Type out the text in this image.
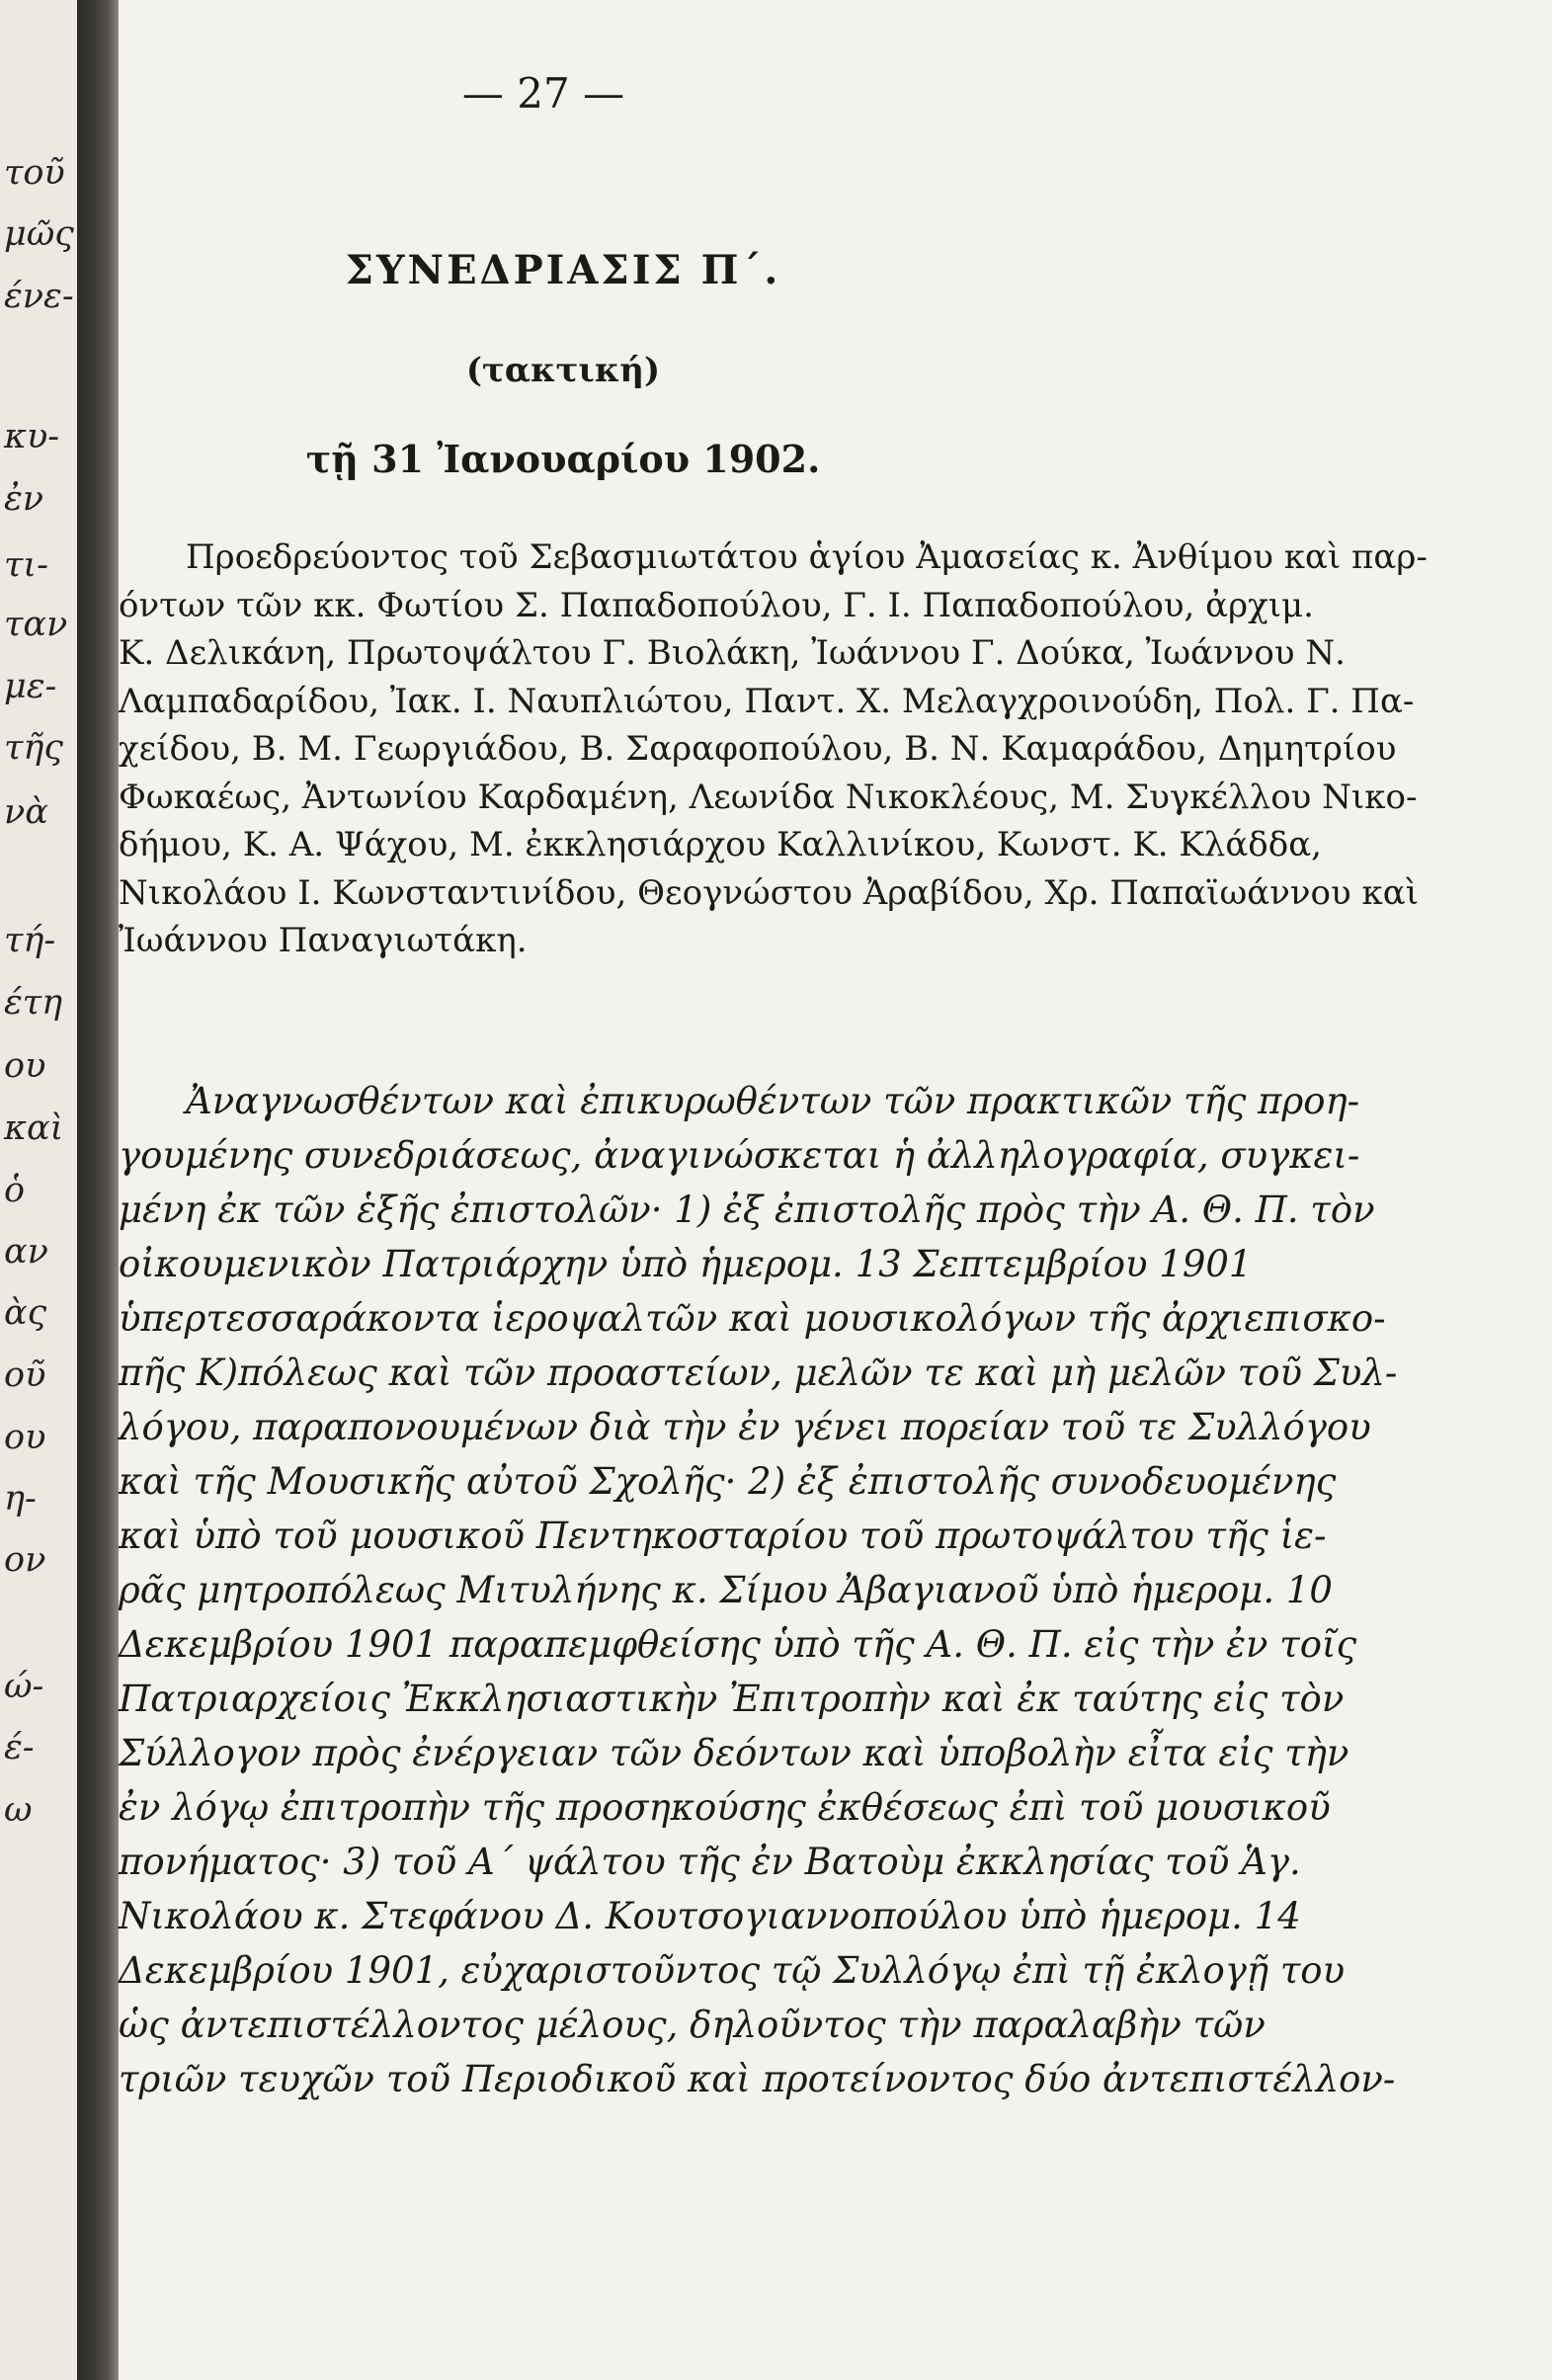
τοῦ
μῶς
ένε-
κυ-
ἐν
τι-
ταν
με-
τῆς
νὰ
τή-
έτη
ου
καὶ
ὁ
αν
ὰς
οῦ
ου
η-
ον
ώ-
έ-
ω
— 27 —
ΣΥΝΕΔΡΙΑΣΙΣ Π΄.
(τακτική)
τῇ 31 Ἰανουαρίου 1902.
Προεδρεύοντος τοῦ Σεβασμιωτάτου ἁγίου Ἀμασείας κ. Ἀνθίμου καὶ παρ-
όντων τῶν κκ. Φωτίου Σ. Παπαδοπούλου, Γ. Ι. Παπαδοπούλου, ἀρχιμ.
Κ. Δελικάνη, Πρωτοψάλτου Γ. Βιολάκη, Ἰωάννου Γ. Δούκα, Ἰωάννου Ν.
Λαμπαδαρίδου, Ἰακ. Ι. Ναυπλιώτου, Παντ. Χ. Μελαγχροινούδη, Πολ. Γ. Πα-
χείδου, Β. Μ. Γεωργιάδου, Β. Σαραφοπούλου, Β. Ν. Καμαράδου, Δημητρίου
Φωκαέως, Ἀντωνίου Καρδαμένη, Λεωνίδα Νικοκλέους, Μ. Συγκέλλου Νικο-
δήμου, Κ. Α. Ψάχου, Μ. ἐκκλησιάρχου Καλλινίκου, Κωνστ. Κ. Κλάδδα,
Νικολάου Ι. Κωνσταντινίδου, Θεογνώστου Ἀραβίδου, Χρ. Παπαϊωάννου καὶ
Ἰωάννου Παναγιωτάκη.
Ἀναγνωσθέντων καὶ ἐπικυρωθέντων τῶν πρακτικῶν τῆς προη-
γουμένης συνεδριάσεως, ἀναγινώσκεται ἡ ἀλληλογραφία, συγκει-
μένη ἐκ τῶν ἑξῆς ἐπιστολῶν· 1) ἐξ ἐπιστολῆς πρὸς τὴν Α. Θ. Π. τὸν
οἰκουμενικὸν Πατριάρχην ὑπὸ ἡμερομ. 13 Σεπτεμβρίου 1901
ὑπερτεσσαράκοντα ἱεροψαλτῶν καὶ μουσικολόγων τῆς ἀρχιεπισκο-
πῆς Κ)πόλεως καὶ τῶν προαστείων, μελῶν τε καὶ μὴ μελῶν τοῦ Συλ-
λόγου, παραπονουμένων διὰ τὴν ἐν γένει πορείαν τοῦ τε Συλλόγου
καὶ τῆς Μουσικῆς αὐτοῦ Σχολῆς· 2) ἐξ ἐπιστολῆς συνοδευομένης
καὶ ὑπὸ τοῦ μουσικοῦ Πεντηκοσταρίου τοῦ πρωτοψάλτου τῆς ἱε-
ρᾶς μητροπόλεως Μιτυλήνης κ. Σίμου Ἀβαγιανοῦ ὑπὸ ἡμερομ. 10
Δεκεμβρίου 1901 παραπεμφθείσης ὑπὸ τῆς Α. Θ. Π. εἰς τὴν ἐν τοῖς
Πατριαρχείοις Ἐκκλησιαστικὴν Ἐπιτροπὴν καὶ ἐκ ταύτης εἰς τὸν
Σύλλογον πρὸς ἐνέργειαν τῶν δεόντων καὶ ὑποβολὴν εἶτα εἰς τὴν
ἐν λόγῳ ἐπιτροπὴν τῆς προσηκούσης ἐκθέσεως ἐπὶ τοῦ μουσικοῦ
πονήματος· 3) τοῦ Α΄ ψάλτου τῆς ἐν Βατοὺμ ἐκκλησίας τοῦ Ἁγ.
Νικολάου κ. Στεφάνου Δ. Κουτσογιαννοπούλου ὑπὸ ἡμερομ. 14
Δεκεμβρίου 1901, εὐχαριστοῦντος τῷ Συλλόγῳ ἐπὶ τῇ ἐκλογῇ του
ὡς ἀντεπιστέλλοντος μέλους, δηλοῦντος τὴν παραλαβὴν τῶν
τριῶν τευχῶν τοῦ Περιοδικοῦ καὶ προτείνοντος δύο ἀντεπιστέλλον-
